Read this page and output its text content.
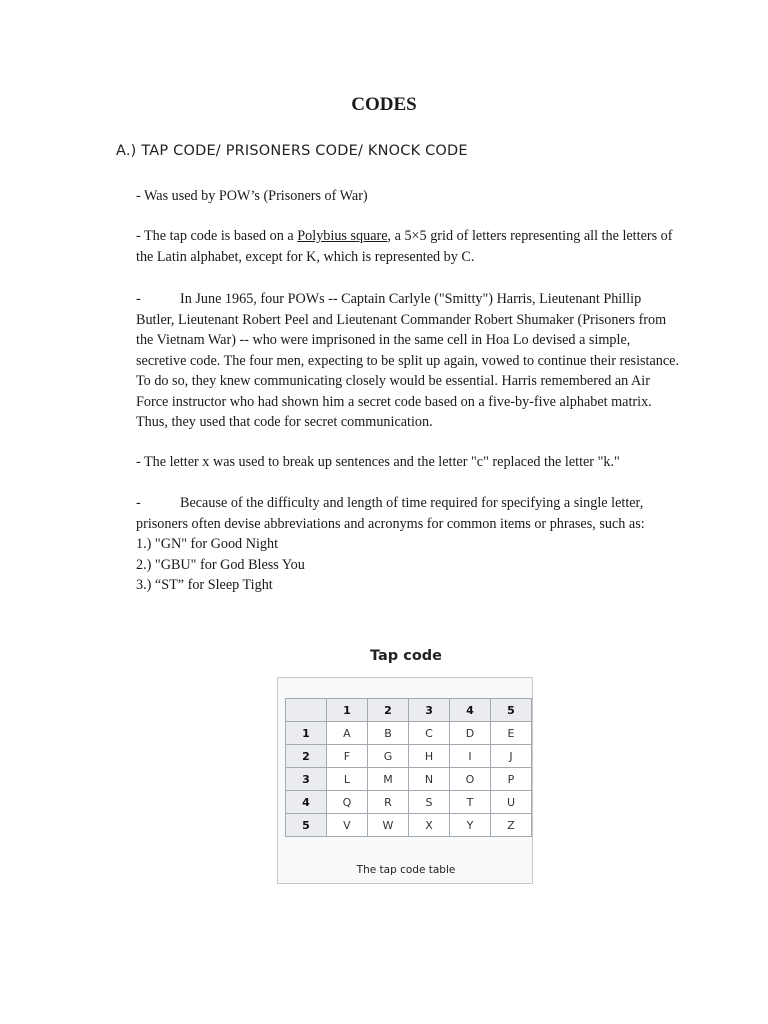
CODES
A.) TAP CODE/ PRISONERS CODE/ KNOCK CODE
- Was used by POW’s (Prisoners of War)
- The tap code is based on a Polybius square, a 5×5 grid of letters representing all the letters of the Latin alphabet, except for K, which is represented by C.
-	In June 1965, four POWs -- Captain Carlyle ("Smitty") Harris, Lieutenant Phillip Butler, Lieutenant Robert Peel and Lieutenant Commander Robert Shumaker (Prisoners from the Vietnam War) -- who were imprisoned in the same cell in Hoa Lo devised a simple, secretive code. The four men, expecting to be split up again, vowed to continue their resistance. To do so, they knew communicating closely would be essential. Harris remembered an Air Force instructor who had shown him a secret code based on a five-by-five alphabet matrix. Thus, they used that code for secret communication.
- The letter x was used to break up sentences and the letter "c" replaced the letter "k."
-	Because of the difficulty and length of time required for specifying a single letter, prisoners often devise abbreviations and acronyms for common items or phrases, such as:
1.) "GN" for Good Night
2.) "GBU" for God Bless You
3.) “ST” for Sleep Tight
Tap code
	1	2	3	4	5
1	A	B	C	D	E
2	F	G	H	I	J
3	L	M	N	O	P
4	Q	R	S	T	U
5	V	W	X	Y	Z
The tap code table
